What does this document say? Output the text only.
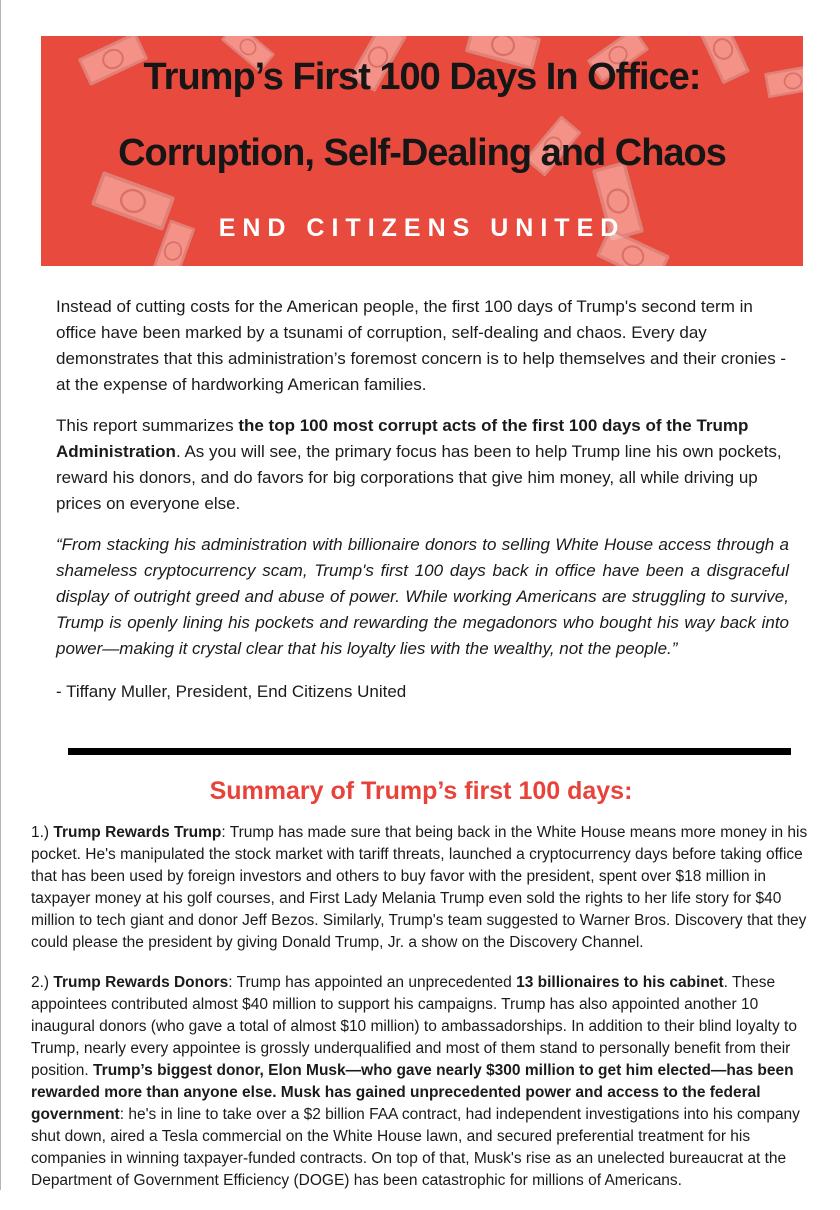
Trump’s First 100 Days In Office:
Corruption, Self-Dealing and Chaos
END CITIZENS UNITED

Instead of cutting costs for the American people, the first 100 days of Trump's second term in office have been marked by a tsunami of corruption, self-dealing and chaos. Every day demonstrates that this administration’s foremost concern is to help themselves and their cronies - at the expense of hardworking American families.

This report summarizes the top 100 most corrupt acts of the first 100 days of the Trump Administration. As you will see, the primary focus has been to help Trump line his own pockets, reward his donors, and do favors for big corporations that give him money, all while driving up prices on everyone else.

“From stacking his administration with billionaire donors to selling White House access through a shameless cryptocurrency scam, Trump's first 100 days back in office have been a disgraceful display of outright greed and abuse of power. While working Americans are struggling to survive, Trump is openly lining his pockets and rewarding the megadonors who bought his way back into power—making it crystal clear that his loyalty lies with the wealthy, not the people.”

- Tiffany Muller, President, End Citizens United

Summary of Trump’s first 100 days:

1.) Trump Rewards Trump: Trump has made sure that being back in the White House means more money in his pocket. He's manipulated the stock market with tariff threats, launched a cryptocurrency days before taking office that has been used by foreign investors and others to buy favor with the president, spent over $18 million in taxpayer money at his golf courses, and First Lady Melania Trump even sold the rights to her life story for $40 million to tech giant and donor Jeff Bezos. Similarly, Trump's team suggested to Warner Bros. Discovery that they could please the president by giving Donald Trump, Jr. a show on the Discovery Channel.

2.) Trump Rewards Donors: Trump has appointed an unprecedented 13 billionaires to his cabinet. These appointees contributed almost $40 million to support his campaigns. Trump has also appointed another 10 inaugural donors (who gave a total of almost $10 million) to ambassadorships. In addition to their blind loyalty to Trump, nearly every appointee is grossly underqualified and most of them stand to personally benefit from their position. Trump’s biggest donor, Elon Musk—who gave nearly $300 million to get him elected—has been rewarded more than anyone else. Musk has gained unprecedented power and access to the federal government: he's in line to take over a $2 billion FAA contract, had independent investigations into his company shut down, aired a Tesla commercial on the White House lawn, and secured preferential treatment for his companies in winning taxpayer-funded contracts. On top of that, Musk's rise as an unelected bureaucrat at the Department of Government Efficiency (DOGE) has been catastrophic for millions of Americans.
